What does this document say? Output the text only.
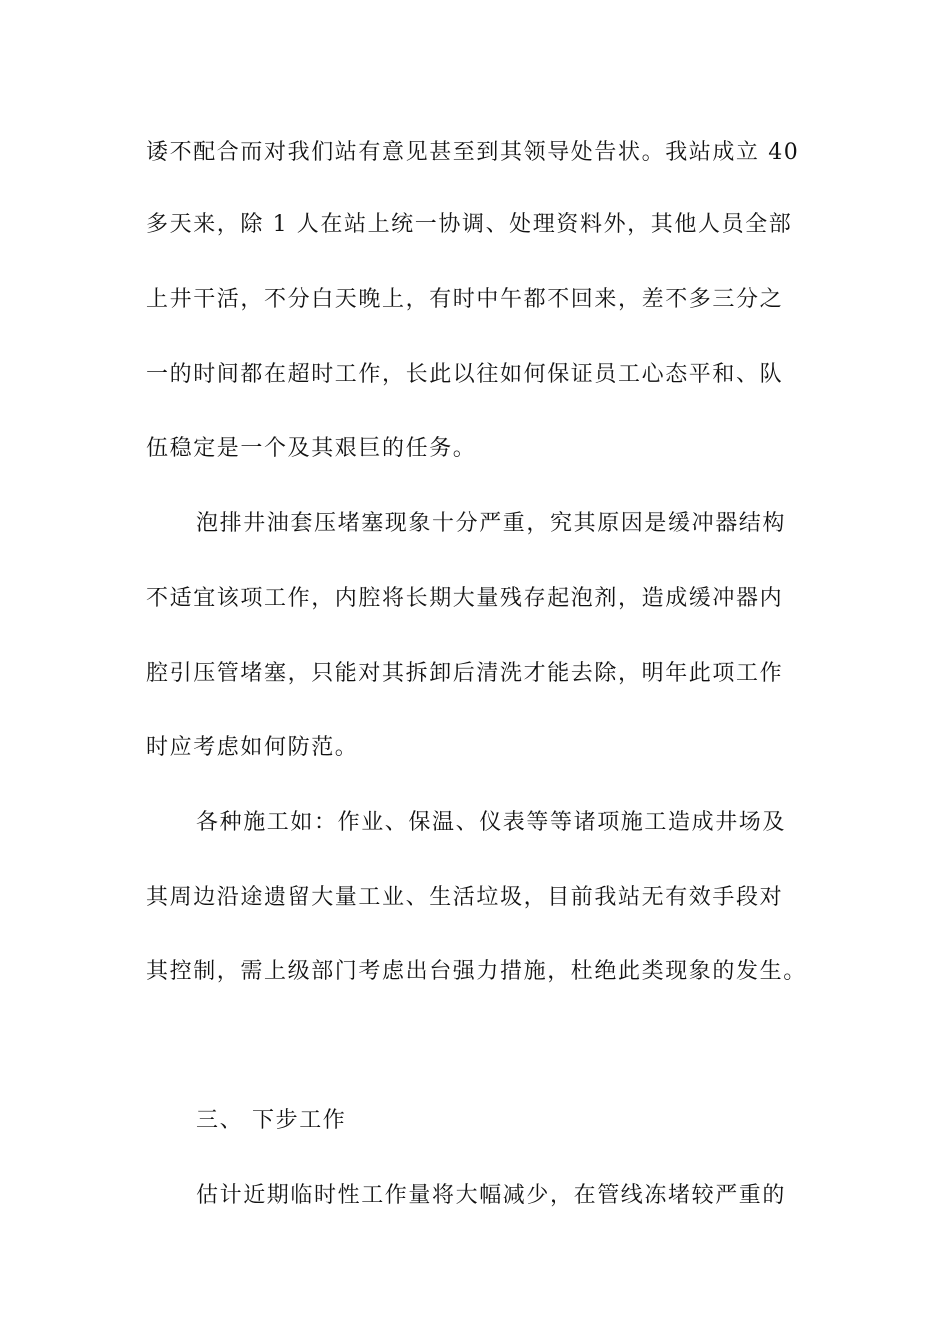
诿不配合而对我们站有意见甚至到其领导处告状。我站成立 40
多天来，除 1 人在站上统一协调、处理资料外，其他人员全部
上井干活，不分白天晚上，有时中午都不回来，差不多三分之
一的时间都在超时工作，长此以往如何保证员工心态平和、队
伍稳定是一个及其艰巨的任务。
泡排井油套压堵塞现象十分严重，究其原因是缓冲器结构
不适宜该项工作，内腔将长期大量残存起泡剂，造成缓冲器内
腔引压管堵塞，只能对其拆卸后清洗才能去除，明年此项工作
时应考虑如何防范。
各种施工如：作业、保温、仪表等等诸项施工造成井场及
其周边沿途遗留大量工业、生活垃圾，目前我站无有效手段对
其控制，需上级部门考虑出台强力措施，杜绝此类现象的发生。
三、 下步工作
估计近期临时性工作量将大幅减少，在管线冻堵较严重的
